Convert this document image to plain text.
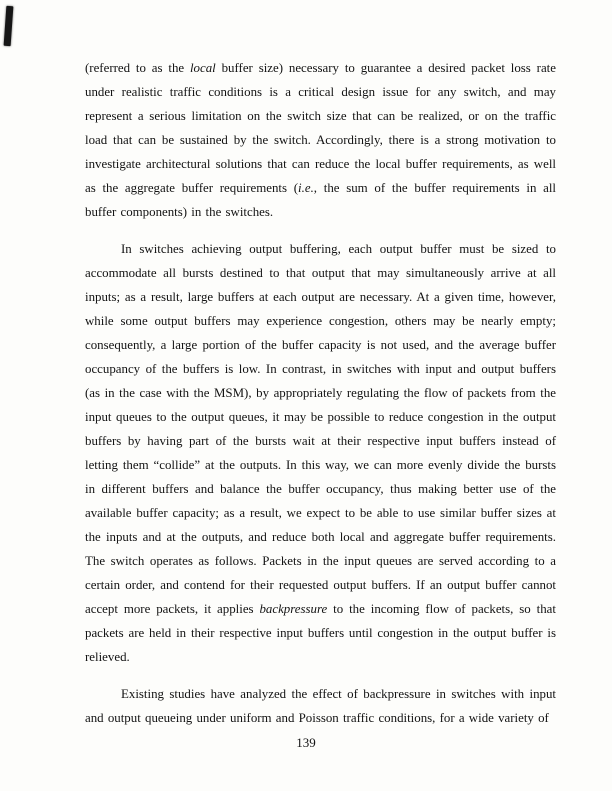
(referred to as the local buffer size) necessary to guarantee a desired packet loss rate under realistic traffic conditions is a critical design issue for any switch, and may represent a serious limitation on the switch size that can be realized, or on the traffic load that can be sustained by the switch. Accordingly, there is a strong motivation to investigate architectural solutions that can reduce the local buffer requirements, as well as the aggregate buffer requirements (i.e., the sum of the buffer requirements in all buffer components) in the switches.

In switches achieving output buffering, each output buffer must be sized to accommodate all bursts destined to that output that may simultaneously arrive at all inputs; as a result, large buffers at each output are necessary. At a given time, however, while some output buffers may experience congestion, others may be nearly empty; consequently, a large portion of the buffer capacity is not used, and the average buffer occupancy of the buffers is low. In contrast, in switches with input and output buffers (as in the case with the MSM), by appropriately regulating the flow of packets from the input queues to the output queues, it may be possible to reduce congestion in the output buffers by having part of the bursts wait at their respective input buffers instead of letting them “collide” at the outputs. In this way, we can more evenly divide the bursts in different buffers and balance the buffer occupancy, thus making better use of the available buffer capacity; as a result, we expect to be able to use similar buffer sizes at the inputs and at the outputs, and reduce both local and aggregate buffer requirements. The switch operates as follows. Packets in the input queues are served according to a certain order, and contend for their requested output buffers. If an output buffer cannot accept more packets, it applies backpressure to the incoming flow of packets, so that packets are held in their respective input buffers until congestion in the output buffer is relieved.

Existing studies have analyzed the effect of backpressure in switches with input and output queueing under uniform and Poisson traffic conditions, for a wide variety of

139
